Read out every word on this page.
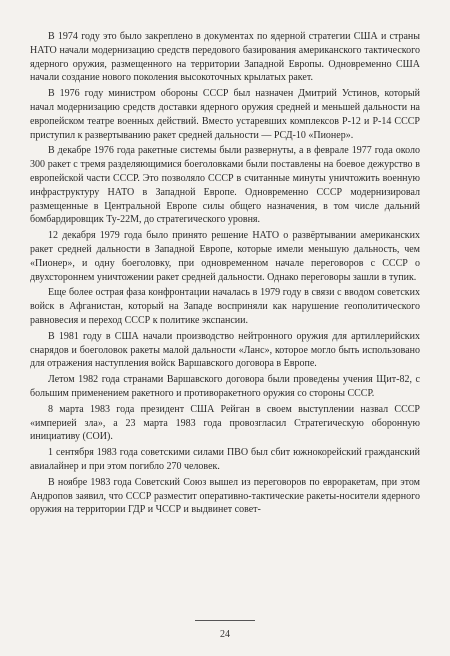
В 1974 году это было закреплено в документах по ядерной стратегии США и страны НАТО начали модернизацию средств передового базирования американского тактического ядерного оружия, размещенного на территории Западной Европы. Одновременно США начали создание нового поколения высокоточных крылатых ракет.

В 1976 году министром обороны СССР был назначен Дмитрий Устинов, который начал модернизацию средств доставки ядерного оружия средней и меньшей дальности на европейском театре военных действий. Вместо устаревших комплексов Р-12 и Р-14 СССР приступил к развертыванию ракет средней дальности — РСД-10 «Пионер».

В декабре 1976 года ракетные системы были развернуты, а в феврале 1977 года около 300 ракет с тремя разделяющимися боеголовками были поставлены на боевое дежурство в европейской части СССР. Это позволяло СССР в считанные минуты уничтожить военную инфраструктуру НАТО в Западной Европе. Одновременно СССР модернизировал размещенные в Центральной Европе силы общего назначения, в том числе дальний бомбардировщик Ту-22М, до стратегического уровня.

12 декабря 1979 года было принято решение НАТО о развёртывании американских ракет средней дальности в Западной Европе, которые имели меньшую дальность, чем «Пионер», и одну боеголовку, при одновременном начале переговоров с СССР о двухстороннем уничтожении ракет средней дальности. Однако переговоры зашли в тупик.

Еще более острая фаза конфронтации началась в 1979 году в связи с вводом советских войск в Афганистан, который на Западе восприняли как нарушение геополитического равновесия и переход СССР к политике экспансии.

В 1981 году в США начали производство нейтронного оружия для артиллерийских снарядов и боеголовок ракеты малой дальности «Ланс», которое могло быть использовано для отражения наступления войск Варшавского договора в Европе.

Летом 1982 года странами Варшавского договора были проведены учения Щит-82, с большим применением ракетного и противоракетного оружия со стороны СССР.

8 марта 1983 года президент США Рейган в своем выступлении назвал СССР «империей зла», а 23 марта 1983 года провозгласил Стратегическую оборонную инициативу (СОИ).

1 сентября 1983 года советскими силами ПВО был сбит южнокорейский гражданский авиалайнер и при этом погибло 270 человек.

В ноябре 1983 года Советский Союз вышел из переговоров по евроракетам, при этом Андропов заявил, что СССР разместит оперативно-тактические ракеты-носители ядерного оружия на территории ГДР и ЧССР и выдвинет совет-

24
